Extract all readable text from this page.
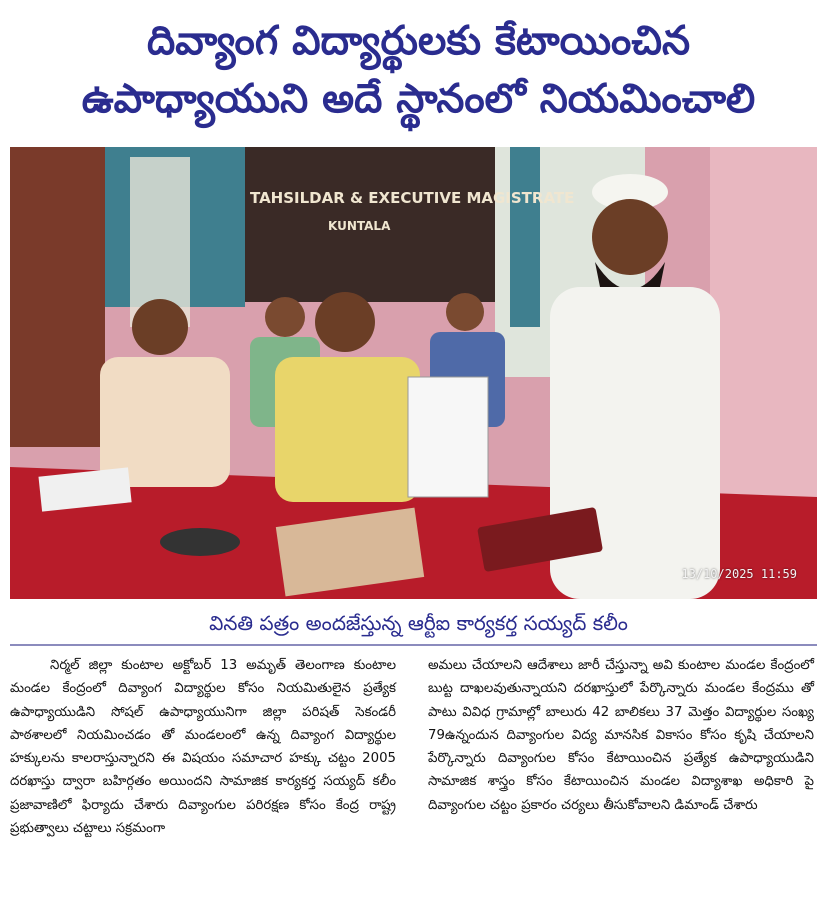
దివ్యాంగ విద్యార్థులకు కేటాయించిన
ఉపాధ్యాయుని అదే స్థానంలో నియమించాలి
TAHSILDAR & EXECUTIVE MAGISTRATE
KUNTALA
13/10/2025 11:59
వినతి పత్రం అందజేస్తున్న ఆర్టీఐ కార్యకర్త సయ్యద్ కలీం
నిర్మల్ జిల్లా కుంటాల అక్టోబర్ 13 అమృత్ తెలంగాణ కుంటాల మండల కేంద్రంలో దివ్యాంగ విద్యార్థుల కోసం నియమితులైన ప్రత్యేక ఉపాధ్యాయుడిని సోషల్ ఉపాధ్యాయునిగా జిల్లా పరిషత్ సెకండరీ పాఠశాలలో నియమించడం తో మండలంలో ఉన్న దివ్యాంగ విద్యార్థుల హక్కులను కాలరాస్తున్నారని ఈ విషయం సమాచార హక్కు చట్టం 2005 దరఖాస్తు ద్వారా బహిర్గతం అయిందని సామాజిక కార్యకర్త సయ్యద్ కలీం ప్రజావాణిలో ఫిర్యాదు చేశారు దివ్యాంగుల పరిరక్షణ కోసం కేంద్ర రాష్ట్ర ప్రభుత్వాలు చట్టాలు సక్రమంగా
అమలు చేయాలని ఆదేశాలు జారీ చేస్తున్నా అవి కుంటాల మండల కేంద్రంలో బుట్ట దాఖలవుతున్నాయని దరఖాస్తులో పేర్కొన్నారు మండల కేంద్రము తో పాటు వివిధ గ్రామాల్లో బాలురు 42 బాలికలు 37 మెత్తం విద్యార్థుల సంఖ్య 79ఉన్నందున దివ్యాంగుల విద్య మానసిక వికాసం కోసం కృషి చేయాలని పేర్కొన్నారు దివ్యాంగుల కోసం కేటాయించిన ప్రత్యేక ఉపాధ్యాయుడిని సామాజిక శాస్త్రం కోసం కేటాయించిన మండల విద్యాశాఖ అధికారి పై దివ్యాంగుల చట్టం ప్రకారం చర్యలు తీసుకోవాలని డిమాండ్ చేశారు
